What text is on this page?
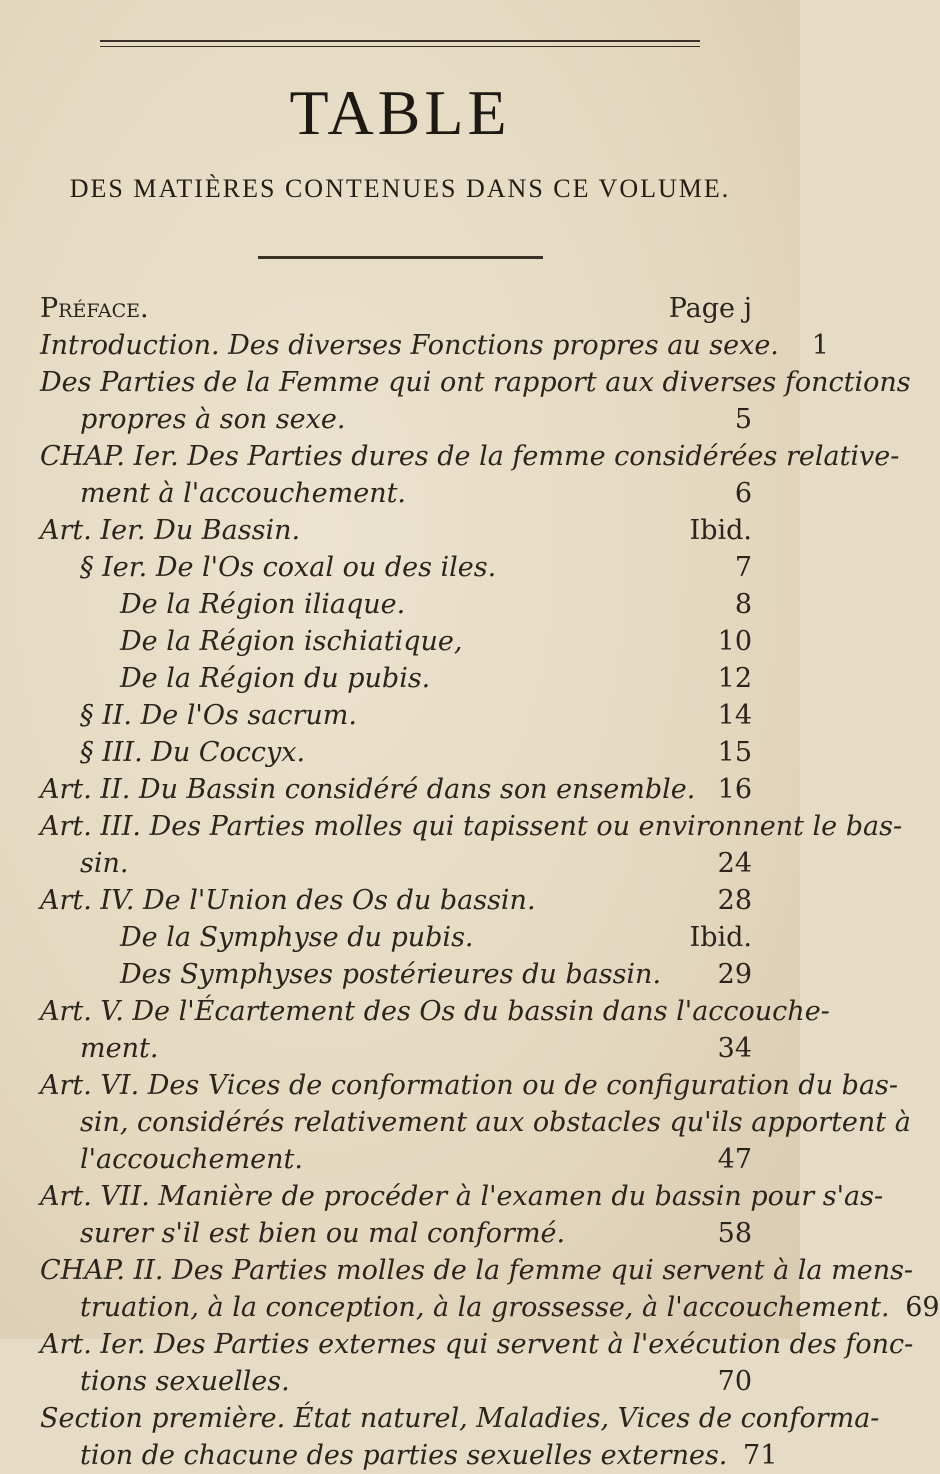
TABLE
DES MATIÈRES CONTENUES DANS CE VOLUME.
Préface.	Page j
Introduction. Des diverses Fonctions propres au sexe.	1
Des Parties de la Femme qui ont rapport aux diverses fonctions
propres à son sexe.	5
CHAP. Ier. Des Parties dures de la femme considérées relative-
ment à l'accouchement.	6
Art. Ier. Du Bassin.	Ibid.
§ Ier. De l'Os coxal ou des iles.	7
De la Région iliaque.	8
De la Région ischiatique,	10
De la Région du pubis.	12
§ II. De l'Os sacrum.	14
§ III. Du Coccyx.	15
Art. II. Du Bassin considéré dans son ensemble. 16
Art. III. Des Parties molles qui tapissent ou environnent le bas-
sin.	24
Art. IV. De l'Union des Os du bassin.	28
De la Symphyse du pubis.	Ibid.
Des Symphyses postérieures du bassin.	29
Art. V. De l'Écartement des Os du bassin dans l'accouche-
ment.	34
Art. VI. Des Vices de conformation ou de configuration du bas-
sin, considérés relativement aux obstacles qu'ils apportent à
l'accouchement.	47
Art. VII. Manière de procéder à l'examen du bassin pour s'as-
surer s'il est bien ou mal conformé.	58
CHAP. II. Des Parties molles de la femme qui servent à la mens-
truation, à la conception, à la grossesse, à l'accouchement. 69
Art. Ier. Des Parties externes qui servent à l'exécution des fonc-
tions sexuelles.	70
Section première. État naturel, Maladies, Vices de conforma-
tion de chacune des parties sexuelles externes. 71
